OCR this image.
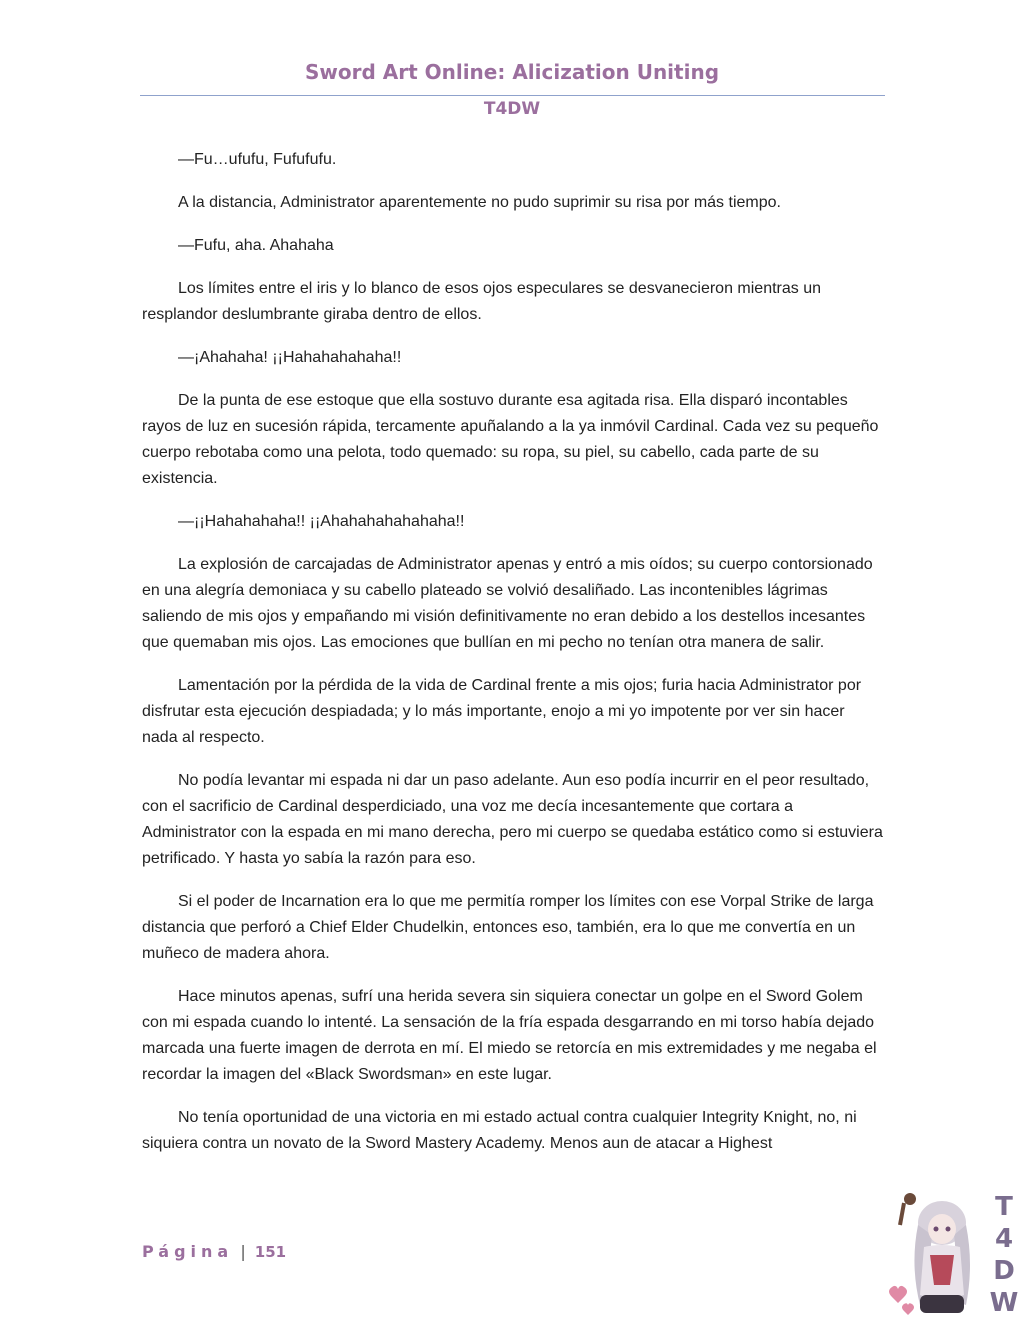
Sword Art Online: Alicization Uniting
T4DW

—Fu…ufufu, Fufufufu.

A la distancia, Administrator aparentemente no pudo suprimir su risa por más tiempo.

—Fufu, aha. Ahahaha

Los límites entre el iris y lo blanco de esos ojos especulares se desvanecieron mientras un resplandor deslumbrante giraba dentro de ellos.

—¡Ahahaha! ¡¡Hahahahahaha!!

De la punta de ese estoque que ella sostuvo durante esa agitada risa. Ella disparó incontables rayos de luz en sucesión rápida, tercamente apuñalando a la ya inmóvil Cardinal. Cada vez su pequeño cuerpo rebotaba como una pelota, todo quemado: su ropa, su piel, su cabello, cada parte de su existencia.

—¡¡Hahahahaha!! ¡¡Ahahahahahahaha!!

La explosión de carcajadas de Administrator apenas y entró a mis oídos; su cuerpo contorsionado en una alegría demoniaca y su cabello plateado se volvió desaliñado. Las incontenibles lágrimas saliendo de mis ojos y empañando mi visión definitivamente no eran debido a los destellos incesantes que quemaban mis ojos. Las emociones que bullían en mi pecho no tenían otra manera de salir.

Lamentación por la pérdida de la vida de Cardinal frente a mis ojos; furia hacia Administrator por disfrutar esta ejecución despiadada; y lo más importante, enojo a mi yo impotente por ver sin hacer nada al respecto.

No podía levantar mi espada ni dar un paso adelante. Aun eso podía incurrir en el peor resultado, con el sacrificio de Cardinal desperdiciado, una voz me decía incesantemente que cortara a Administrator con la espada en mi mano derecha, pero mi cuerpo se quedaba estático como si estuviera petrificado. Y hasta yo sabía la razón para eso.

Si el poder de Incarnation era lo que me permitía romper los límites con ese Vorpal Strike de larga distancia que perforó a Chief Elder Chudelkin, entonces eso, también, era lo que me convertía en un muñeco de madera ahora.

Hace minutos apenas, sufrí una herida severa sin siquiera conectar un golpe en el Sword Golem con mi espada cuando lo intenté. La sensación de la fría espada desgarrando en mi torso había dejado marcada una fuerte imagen de derrota en mí. El miedo se retorcía en mis extremidades y me negaba el recordar la imagen del «Black Swordsman» en este lugar.

No tenía oportunidad de una victoria en mi estado actual contra cualquier Integrity Knight, no, ni siquiera contra un novato de la Sword Mastery Academy. Menos aun de atacar a Highest

Página | 151
T
4
D
W
